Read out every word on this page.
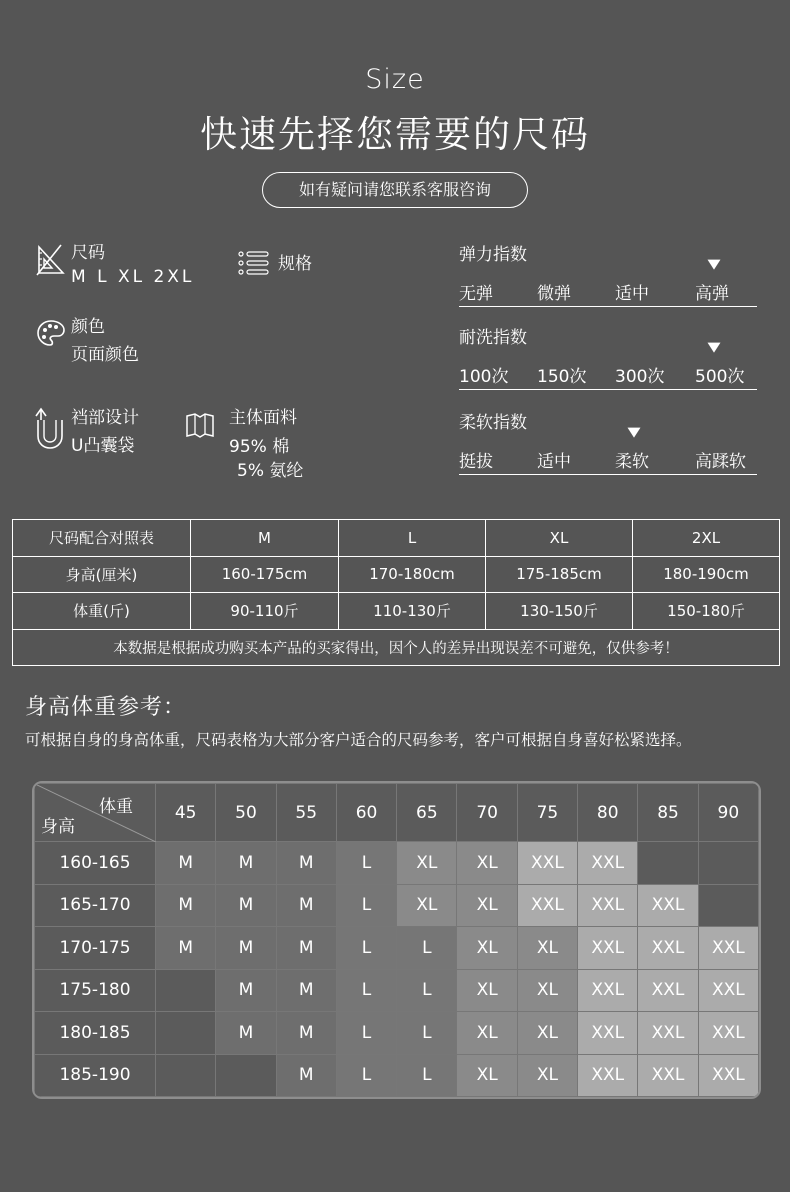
Size
快速先择您需要的尺码
如有疑问请您联系客服咨询
尺码
M L XL 2XL
规格
颜色
页面颜色
裆部设计
U凸囊袋
主体面料
95% 棉
5% 氨纶
弹力指数
无弹	微弹	适中	高弹
▼
耐洗指数
100次 150次 300次 500次
▼
柔软指数
挺拔	适中	柔软	高蹂软
▼
尺码配合对照表	M	L	XL	2XL
身高(厘米)	160-175cm	170-180cm	175-185cm	180-190cm
体重(斤)	90-110斤	110-130斤	130-150斤	150-180斤
本数据是根据成功购买本产品的买家得出，因个人的差异出现误差不可避免，仅供参考！				
身高体重参考：
可根据自身的身高体重，尺码表格为大部分客户适合的尺码参考，客户可根据自身喜好松紧选择。
体重
身高	45	50	55	60	65	70	75	80	85	90
160-165	M	M	M	L	XL	XL	XXL	XXL		
165-170	M	M	M	L	XL	XL	XXL	XXL	XXL	
170-175	M	M	M	L	L	XL	XL	XXL	XXL	XXL
175-180		M	M	L	L	XL	XL	XXL	XXL	XXL
180-185		M	M	L	L	XL	XL	XXL	XXL	XXL
185-190			M	L	L	XL	XL	XXL	XXL	XXL
